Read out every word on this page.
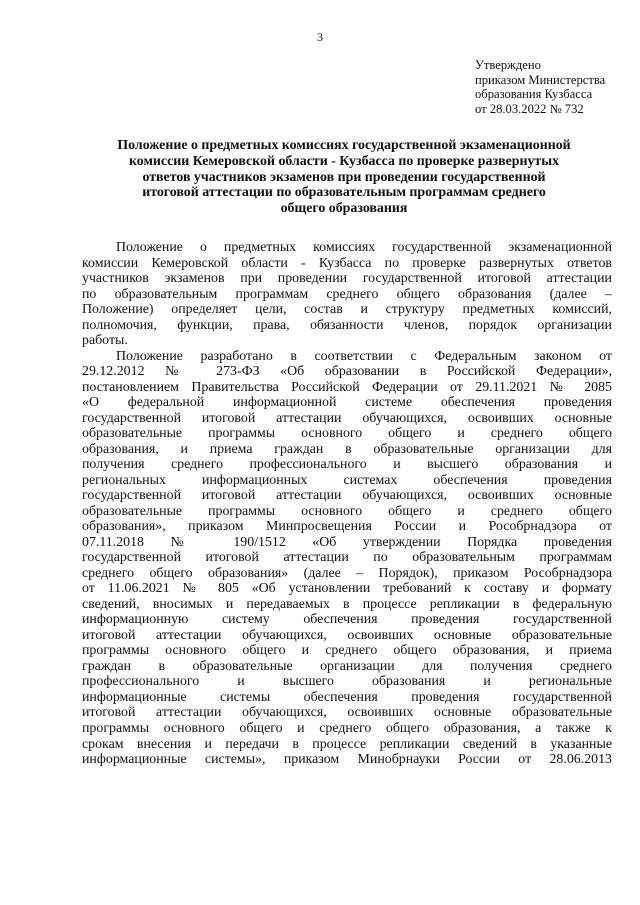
3
Утверждено
приказом Министерства
образования Кузбасса
от 28.03.2022 № 732
Положение о предметных комиссиях государственной экзаменационной
комиссии Кемеровской области - Кузбасса по проверке развернутых
ответов участников экзаменов при проведении государственной
итоговой аттестации по образовательным программам среднего
общего образования
Положение о предметных комиссиях государственной экзаменационной
комиссии Кемеровской области - Кузбасса по проверке развернутых ответов
участников экзаменов при проведении государственной итоговой аттестации
по образовательным программам среднего общего образования (далее –
Положение) определяет цели, состав и структуру предметных комиссий,
полномочия, функции, права, обязанности членов, порядок организации
работы.
Положение разработано в соответствии с Федеральным законом от
29.12.2012 № 273-ФЗ «Об образовании в Российской Федерации»,
постановлением Правительства Российской Федерации от 29.11.2021 № 2085
«О федеральной информационной системе обеспечения проведения
государственной итоговой аттестации обучающихся, освоивших основные
образовательные программы основного общего и среднего общего
образования, и приема граждан в образовательные организации для
получения среднего профессионального и высшего образования и
региональных информационных системах обеспечения проведения
государственной итоговой аттестации обучающихся, освоивших основные
образовательные программы основного общего и среднего общего
образования», приказом Минпросвещения России и Рособрнадзора от
07.11.2018 № 190/1512 «Об утверждении Порядка проведения
государственной итоговой аттестации по образовательным программам
среднего общего образования» (далее – Порядок), приказом Рособрнадзора
от 11.06.2021 № 805 «Об установлении требований к составу и формату
сведений, вносимых и передаваемых в процессе репликации в федеральную
информационную систему обеспечения проведения государственной
итоговой аттестации обучающихся, освоивших основные образовательные
программы основного общего и среднего общего образования, и приема
граждан в образовательные организации для получения среднего
профессионального и высшего образования и региональные
информационные системы обеспечения проведения государственной
итоговой аттестации обучающихся, освоивших основные образовательные
программы основного общего и среднего общего образования, а также к
срокам внесения и передачи в процессе репликации сведений в указанные
информационные системы», приказом Минобрнауки России от 28.06.2013
